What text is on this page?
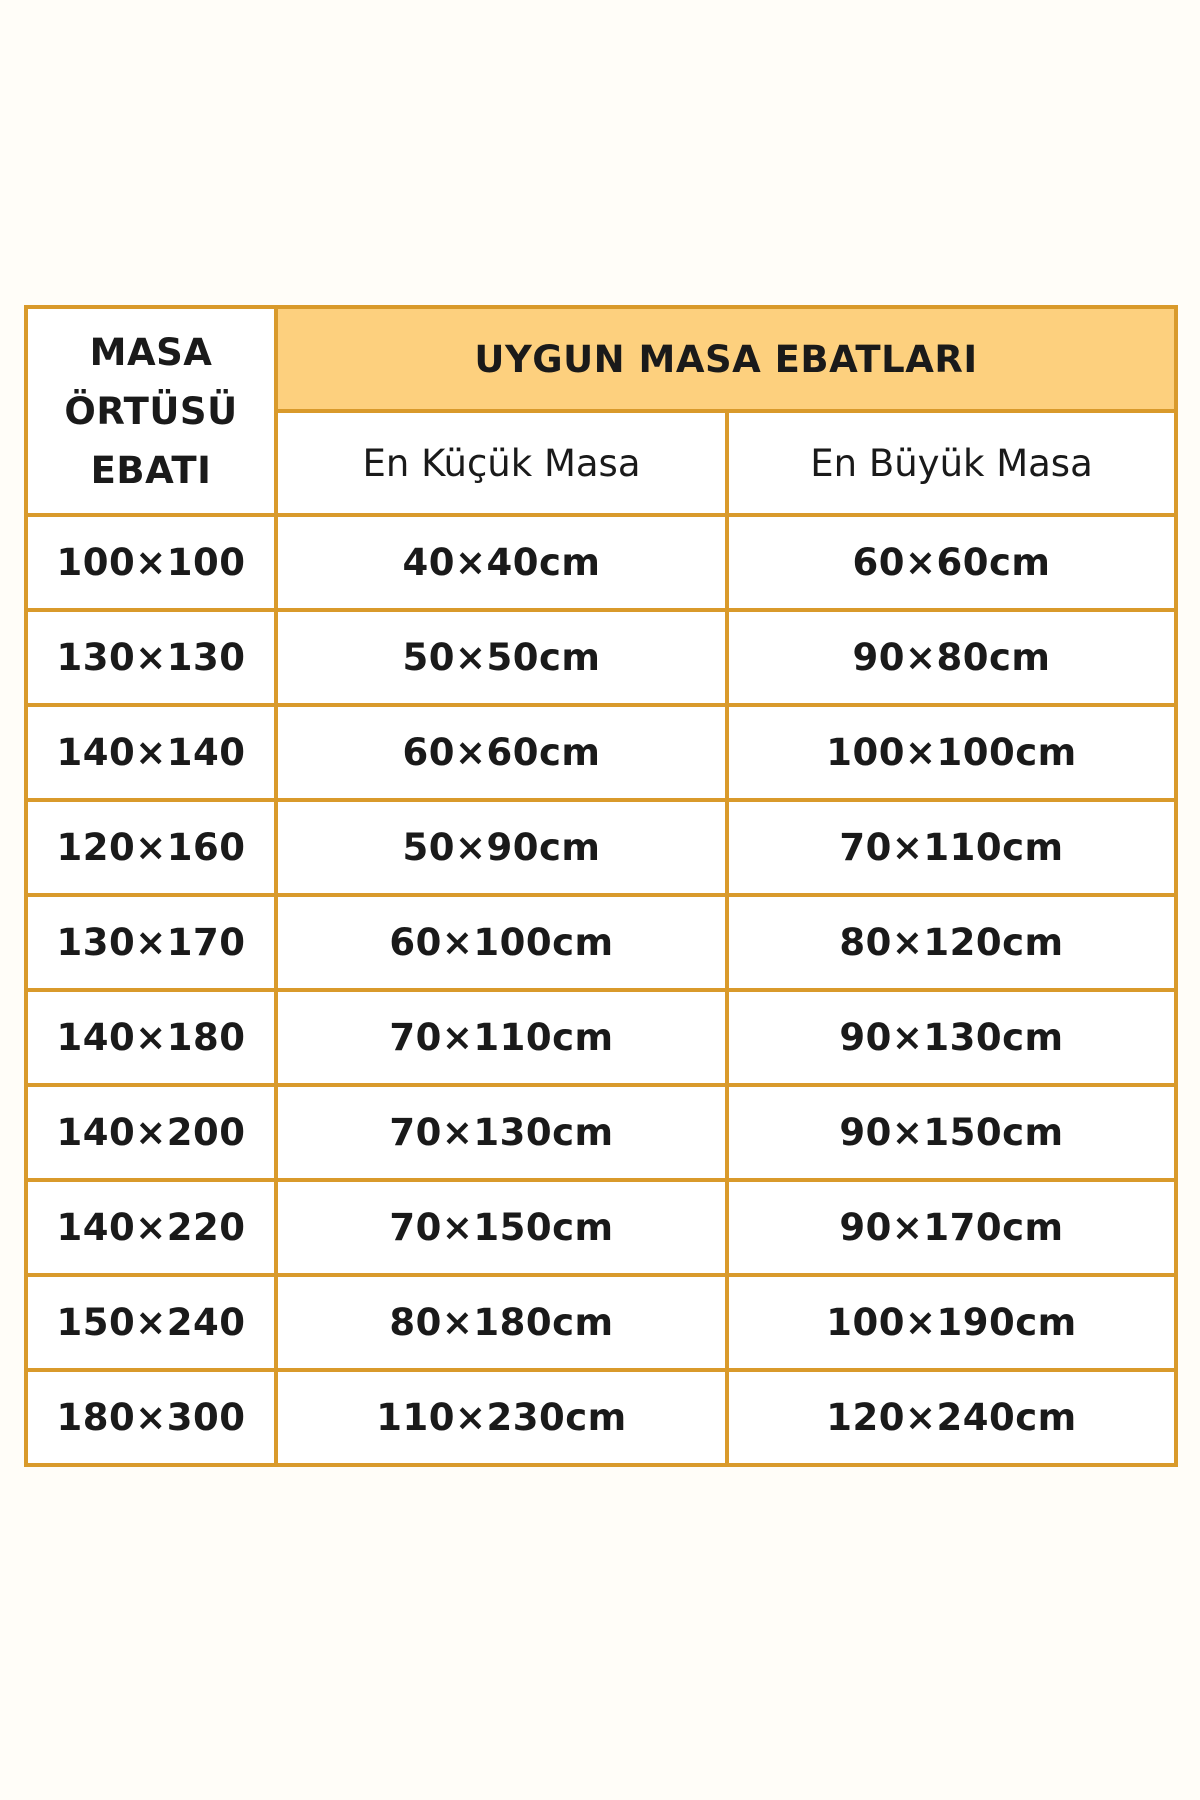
MASA
ÖRTÜSÜ
EBATI	UYGUN MASA EBATLARI	
	En Küçük Masa	En Büyük Masa
100×100	40×40cm	60×60cm
130×130	50×50cm	90×80cm
140×140	60×60cm	100×100cm
120×160	50×90cm	70×110cm
130×170	60×100cm	80×120cm
140×180	70×110cm	90×130cm
140×200	70×130cm	90×150cm
140×220	70×150cm	90×170cm
150×240	80×180cm	100×190cm
180×300	110×230cm	120×240cm
